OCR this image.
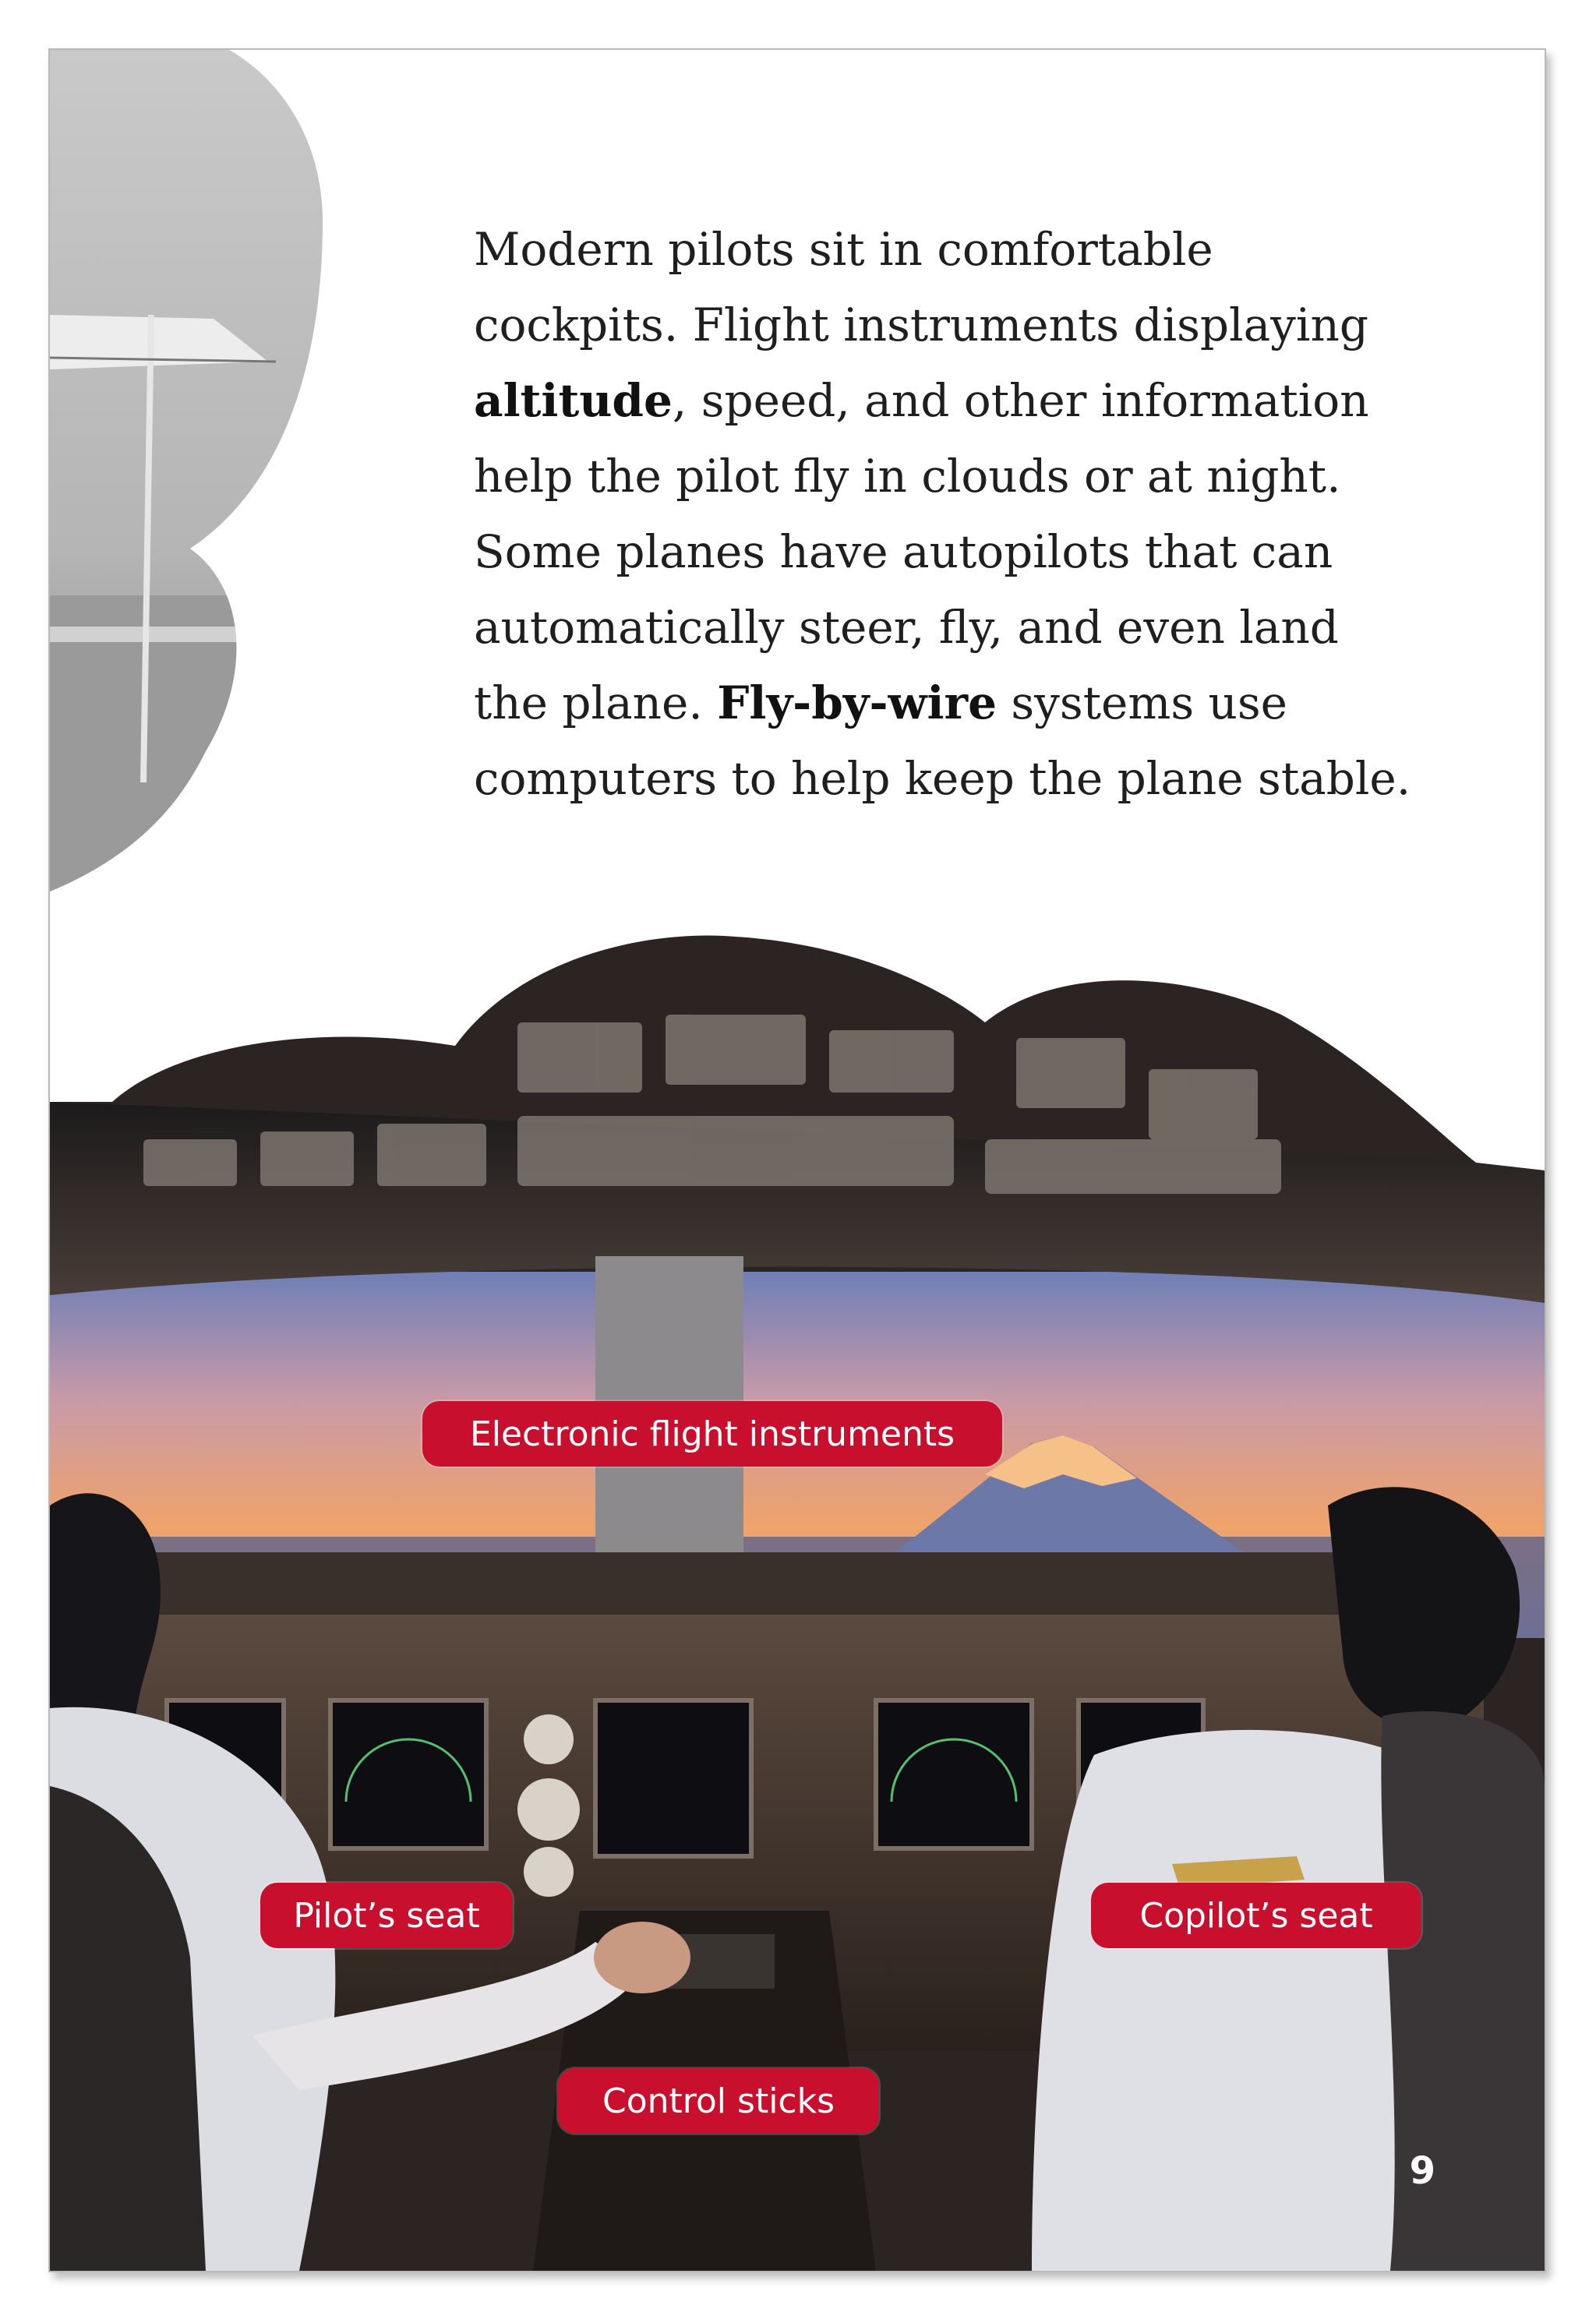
Modern pilots sit in comfortable
cockpits. Flight instruments displaying
altitude, speed, and other information
help the pilot fly in clouds or at night.
Some planes have autopilots that can
automatically steer, fly, and even land
the plane. Fly-by-wire systems use
computers to help keep the plane stable.

Electronic flight instruments
Pilot’s seat	Copilot’s seat
Control sticks
9
